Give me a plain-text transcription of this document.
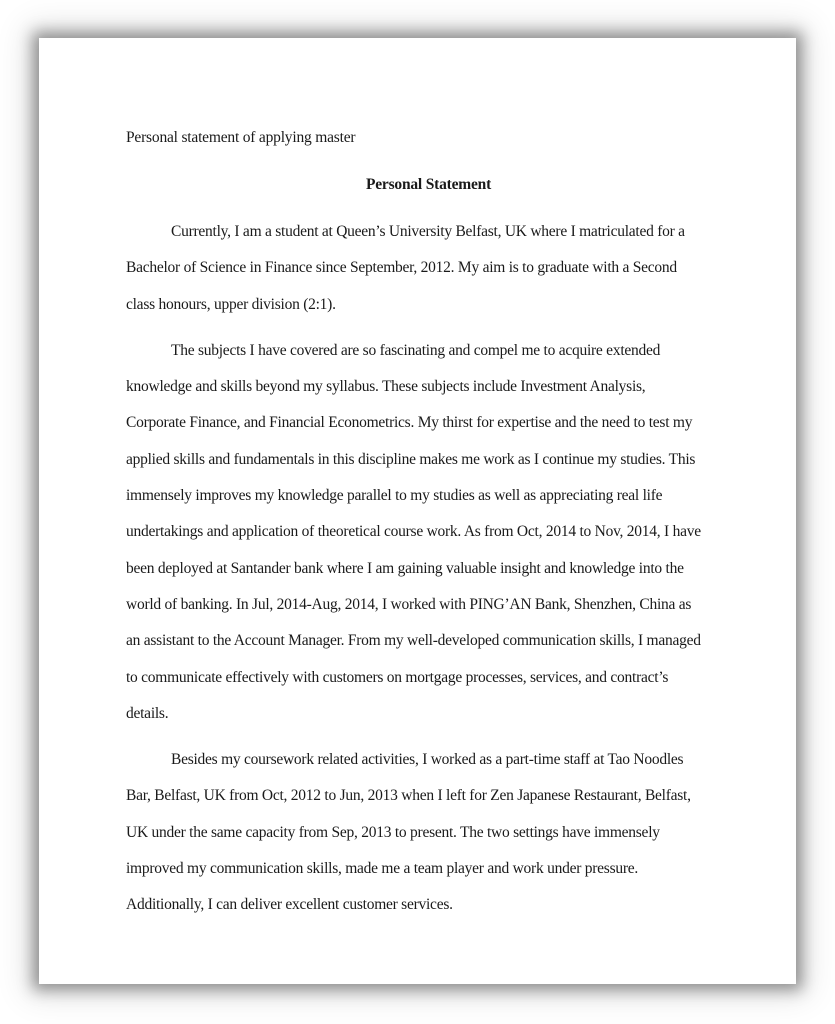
Personal statement of applying master
Personal Statement
Currently, I am a student at Queen’s University Belfast, UK where I matriculated for a
Bachelor of Science in Finance since September, 2012. My aim is to graduate with a Second
class honours, upper division (2:1).
The subjects I have covered are so fascinating and compel me to acquire extended
knowledge and skills beyond my syllabus. These subjects include Investment Analysis,
Corporate Finance, and Financial Econometrics. My thirst for expertise and the need to test my
applied skills and fundamentals in this discipline makes me work as I continue my studies. This
immensely improves my knowledge parallel to my studies as well as appreciating real life
undertakings and application of theoretical course work. As from Oct, 2014 to Nov, 2014, I have
been deployed at Santander bank where I am gaining valuable insight and knowledge into the
world of banking. In Jul, 2014-Aug, 2014, I worked with PING’AN Bank, Shenzhen, China as
an assistant to the Account Manager. From my well-developed communication skills, I managed
to communicate effectively with customers on mortgage processes, services, and contract’s
details.
Besides my coursework related activities, I worked as a part-time staff at Tao Noodles
Bar, Belfast, UK from Oct, 2012 to Jun, 2013 when I left for Zen Japanese Restaurant, Belfast,
UK under the same capacity from Sep, 2013 to present. The two settings have immensely
improved my communication skills, made me a team player and work under pressure.
Additionally, I can deliver excellent customer services.
